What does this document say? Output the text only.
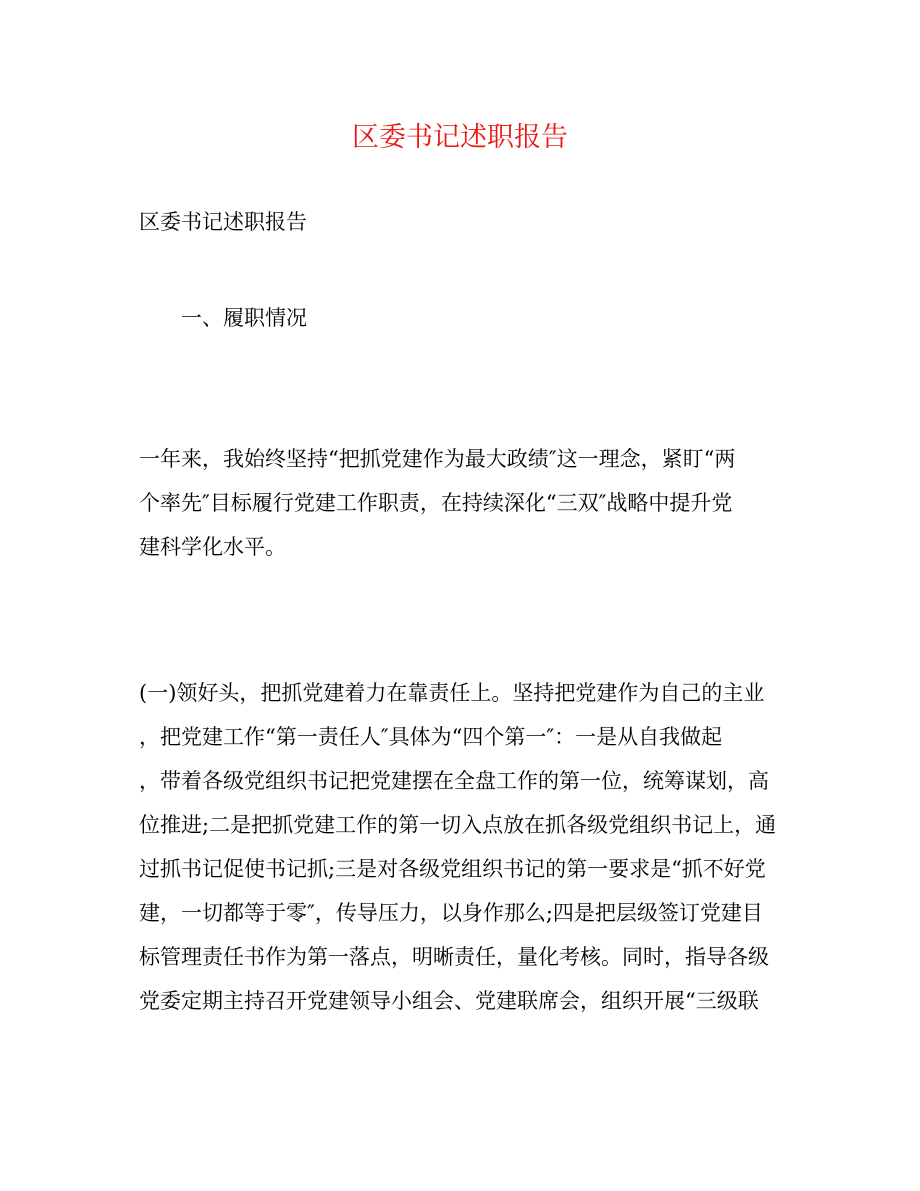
区委书记述职报告
区委书记述职报告
一、履职情况
一年来，我始终坚持“把抓党建作为最大政绩″这一理念，紧盯“两
个率先″目标履行党建工作职责，在持续深化“三双″战略中提升党
建科学化水平。
(一)领好头，把抓党建着力在靠责任上。坚持把党建作为自己的主业
，把党建工作“第一责任人″具体为“四个第一″：一是从自我做起
，带着各级党组织书记把党建摆在全盘工作的第一位，统筹谋划，高
位推进;二是把抓党建工作的第一切入点放在抓各级党组织书记上，通
过抓书记促使书记抓;三是对各级党组织书记的第一要求是“抓不好党
建，一切都等于零″，传导压力，以身作那么;四是把层级签订党建目
标管理责任书作为第一落点，明晰责任，量化考核。同时，指导各级
党委定期主持召开党建领导小组会、党建联席会，组织开展“三级联
